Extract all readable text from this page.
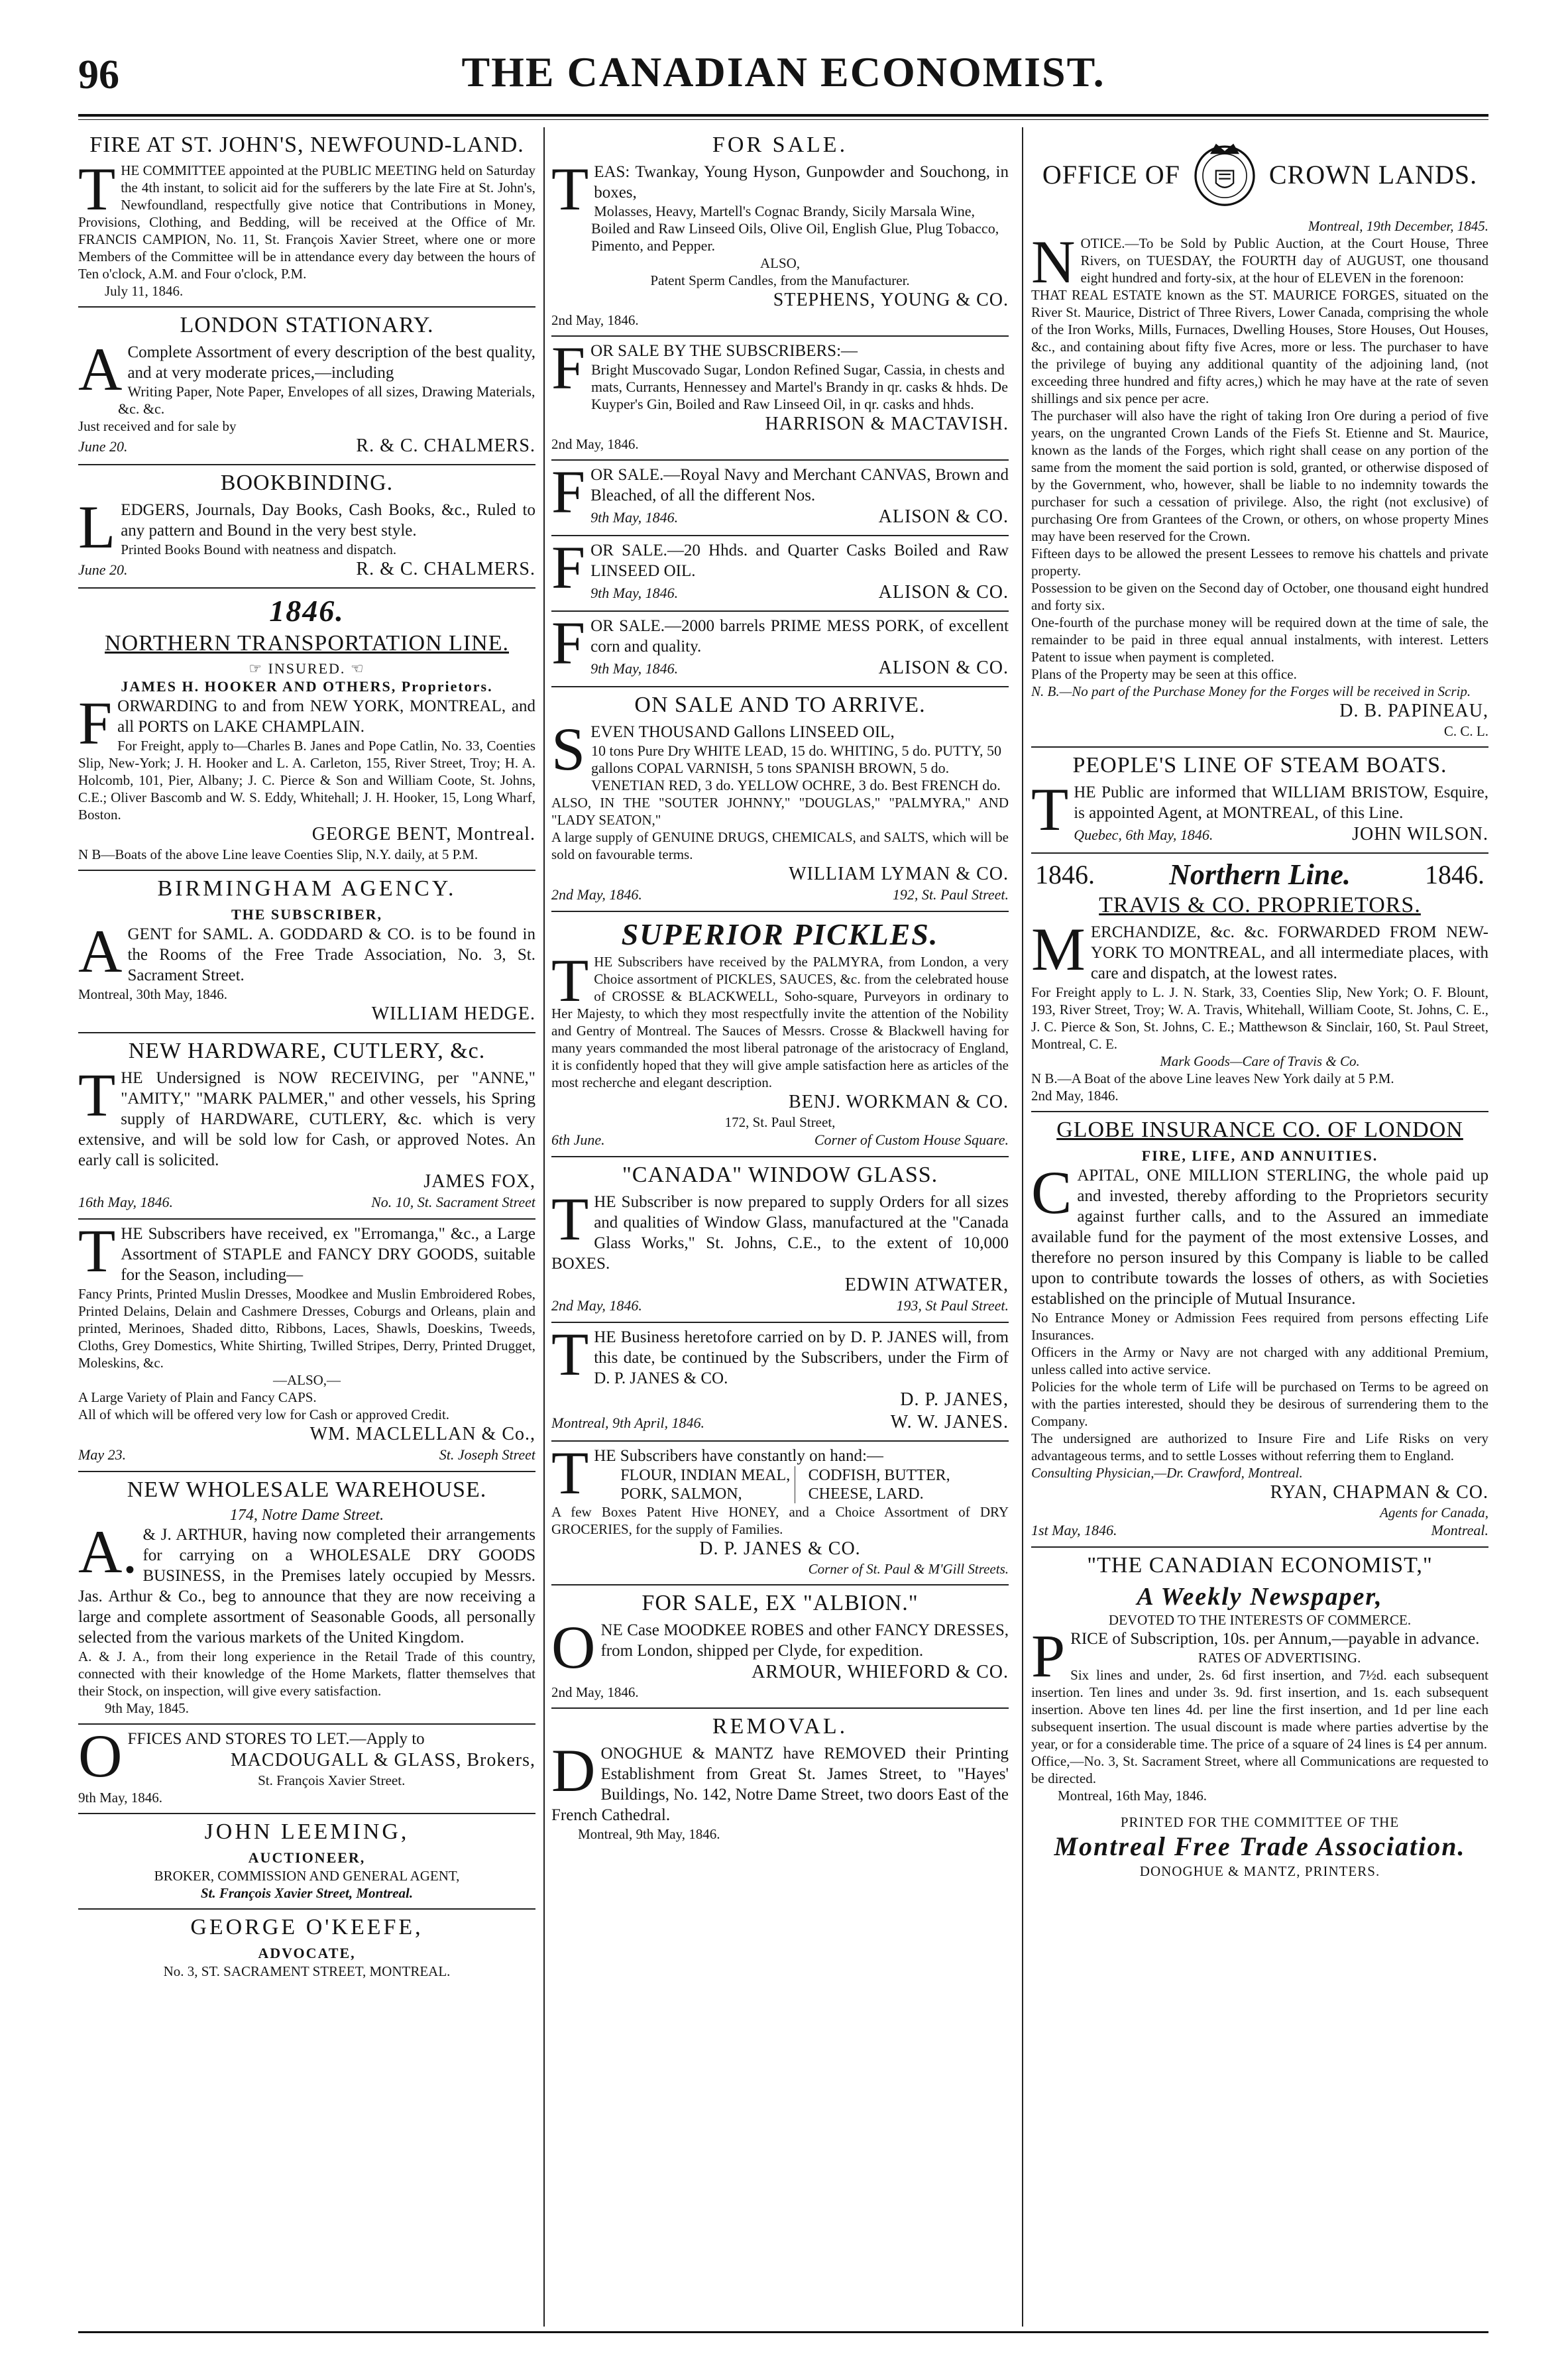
96	THE CANADIAN ECONOMIST.
FIRE AT ST. JOHN'S, NEWFOUND-LAND.
THE COMMITTEE appointed at the PUBLIC MEETING held on Saturday the 4th instant, to solicit aid for the sufferers by the late Fire at St. John's, Newfoundland, respectfully give notice that Contributions in Money, Provisions, Clothing, and Bedding, will be received at the Office of Mr. FRANCIS CAMPION, No. 11, St. François Xavier Street, where one or more Members of the Committee will be in attendance every day between the hours of Ten o'clock, A.M. and Four o'clock, P.M.
July 11, 1846.
LONDON STATIONARY.
AComplete Assortment of every description of the best quality, and at very moderate prices,—including
Writing Paper, Note Paper, Envelopes of all sizes, Drawing Materials, &c. &c.
Just received and for sale by
June 20.	R. & C. CHALMERS.
BOOKBINDING.
LEDGERS, Journals, Day Books, Cash Books, &c., Ruled to any pattern and Bound in the very best style.
Printed Books Bound with neatness and dispatch.
June 20.	R. & C. CHALMERS.
1846.
NORTHERN TRANSPORTATION LINE.
☞ INSURED. ☜
JAMES H. HOOKER AND OTHERS, Proprietors.
FORWARDING to and from NEW YORK, MONTREAL, and all PORTS on LAKE CHAMPLAIN.
For Freight, apply to—Charles B. Janes and Pope Catlin, No. 33, Coenties Slip, New-York; J. H. Hooker and L. A. Carleton, 155, River Street, Troy; H. A. Holcomb, 101, Pier, Albany; J. C. Pierce & Son and William Coote, St. Johns, C.E.; Oliver Bascomb and W. S. Eddy, Whitehall; J. H. Hooker, 15, Long Wharf, Boston.
GEORGE BENT, Montreal.
N B—Boats of the above Line leave Coenties Slip, N.Y. daily, at 5 P.M.
BIRMINGHAM AGENCY.
THE SUBSCRIBER,
AGENT for SAML. A. GODDARD & CO. is to be found in the Rooms of the Free Trade Association, No. 3, St. Sacrament Street.
Montreal, 30th May, 1846.
WILLIAM HEDGE.
NEW HARDWARE, CUTLERY, &c.
THE Undersigned is NOW RECEIVING, per "ANNE," "AMITY," "MARK PALMER," and other vessels, his Spring supply of HARDWARE, CUTLERY, &c. which is very extensive, and will be sold low for Cash, or approved Notes. An early call is solicited.
JAMES FOX,
16th May, 1846.	No. 10, St. Sacrament Street
THE Subscribers have received, ex "Erromanga," &c., a Large Assortment of STAPLE and FANCY DRY GOODS, suitable for the Season, including—
Fancy Prints, Printed Muslin Dresses, Moodkee and Muslin Embroidered Robes, Printed Delains, Delain and Cashmere Dresses, Coburgs and Orleans, plain and printed, Merinoes, Shaded ditto, Ribbons, Laces, Shawls, Doeskins, Tweeds, Cloths, Grey Domestics, White Shirting, Twilled Stripes, Derry, Printed Drugget, Moleskins, &c.
—ALSO,—
A Large Variety of Plain and Fancy CAPS.
All of which will be offered very low for Cash or approved Credit.
WM. MACLELLAN & Co.,
May 23.	St. Joseph Street
NEW WHOLESALE WAREHOUSE.
174, Notre Dame Street.
A.& J. ARTHUR, having now completed their arrangements for carrying on a WHOLESALE DRY GOODS BUSINESS, in the Premises lately occupied by Messrs. Jas. Arthur & Co., beg to announce that they are now receiving a large and complete assortment of Seasonable Goods, all personally selected from the various markets of the United Kingdom.
A. & J. A., from their long experience in the Retail Trade of this country, connected with their knowledge of the Home Markets, flatter themselves that their Stock, on inspection, will give every satisfaction.
9th May, 1845.
OFFICES AND STORES TO LET.—Apply to
MACDOUGALL & GLASS, Brokers,
St. François Xavier Street.
9th May, 1846.
JOHN LEEMING,
AUCTIONEER,
BROKER, COMMISSION AND GENERAL AGENT,
St. François Xavier Street, Montreal.
GEORGE O'KEEFE,
ADVOCATE,
No. 3, ST. SACRAMENT STREET, MONTREAL.
FOR SALE.
TEAS: Twankay, Young Hyson, Gunpowder and Souchong, in boxes,
Molasses, Heavy, Martell's Cognac Brandy, Sicily Marsala Wine, Boiled and Raw Linseed Oils, Olive Oil, English Glue, Plug Tobacco, Pimento, and Pepper.
ALSO,
Patent Sperm Candles, from the Manufacturer.
STEPHENS, YOUNG & CO.
2nd May, 1846.
FOR SALE BY THE SUBSCRIBERS:—
Bright Muscovado Sugar, London Refined Sugar, Cassia, in chests and mats, Currants, Hennessey and Martel's Brandy in qr. casks & hhds. De Kuyper's Gin, Boiled and Raw Linseed Oil, in qr. casks and hhds.
HARRISON & MACTAVISH.
2nd May, 1846.
FOR SALE.—Royal Navy and Merchant CANVAS, Brown and Bleached, of all the different Nos.
9th May, 1846.	ALISON & CO.
FOR SALE.—20 Hhds. and Quarter Casks Boiled and Raw LINSEED OIL.
9th May, 1846.	ALISON & CO.
FOR SALE.—2000 barrels PRIME MESS PORK, of excellent corn and quality.
9th May, 1846.	ALISON & CO.
ON SALE AND TO ARRIVE.
SEVEN THOUSAND Gallons LINSEED OIL,
10 tons Pure Dry WHITE LEAD, 15 do. WHITING, 5 do. PUTTY, 50 gallons COPAL VARNISH, 5 tons SPANISH BROWN, 5 do. VENETIAN RED, 3 do. YELLOW OCHRE, 3 do. Best FRENCH do.
ALSO, IN THE "SOUTER JOHNNY," "DOUGLAS," "PALMYRA," AND "LADY SEATON,"
A large supply of GENUINE DRUGS, CHEMICALS, and SALTS, which will be sold on favourable terms.
WILLIAM LYMAN & CO.
2nd May, 1846.	192, St. Paul Street.
SUPERIOR PICKLES.
THE Subscribers have received by the PALMYRA, from London, a very Choice assortment of PICKLES, SAUCES, &c. from the celebrated house of CROSSE & BLACKWELL, Soho-square, Purveyors in ordinary to Her Majesty, to which they most respectfully invite the attention of the Nobility and Gentry of Montreal. The Sauces of Messrs. Crosse & Blackwell having for many years commanded the most liberal patronage of the aristocracy of England, it is confidently hoped that they will give ample satisfaction here as articles of the most recherche and elegant description.
BENJ. WORKMAN & CO.
172, St. Paul Street,
6th June.	Corner of Custom House Square.
"CANADA" WINDOW GLASS.
THE Subscriber is now prepared to supply Orders for all sizes and qualities of Window Glass, manufactured at the "Canada Glass Works," St. Johns, C.E., to the extent of 10,000 BOXES.
EDWIN ATWATER,
2nd May, 1846.	193, St Paul Street.
THE Business heretofore carried on by D. P. JANES will, from this date, be continued by the Subscribers, under the Firm of D. P. JANES & CO.
D. P. JANES,
Montreal, 9th April, 1846.	W. W. JANES.
THE Subscribers have constantly on hand:—
FLOUR, INDIAN MEAL, PORK, SALMON,
CODFISH, BUTTER, CHEESE, LARD.
A few Boxes Patent Hive HONEY, and a Choice Assortment of DRY GROCERIES, for the supply of Families.
D. P. JANES & CO.
Corner of St. Paul & M'Gill Streets.
FOR SALE, EX "ALBION."
ONE Case MOODKEE ROBES and other FANCY DRESSES, from London, shipped per Clyde, for expedition.
ARMOUR, WHIEFORD & CO.
2nd May, 1846.
REMOVAL.
DONOGHUE & MANTZ have REMOVED their Printing Establishment from Great St. James Street, to "Hayes' Buildings, No. 142, Notre Dame Street, two doors East of the French Cathedral.
Montreal, 9th May, 1846.
OFFICE OF	CROWN LANDS.
Montreal, 19th December, 1845.
NOTICE.—To be Sold by Public Auction, at the Court House, Three Rivers, on TUESDAY, the FOURTH day of AUGUST, one thousand eight hundred and forty-six, at the hour of ELEVEN in the forenoon:
THAT REAL ESTATE known as the ST. MAURICE FORGES, situated on the River St. Maurice, District of Three Rivers, Lower Canada, comprising the whole of the Iron Works, Mills, Furnaces, Dwelling Houses, Store Houses, Out Houses, &c., and containing about fifty five Acres, more or less. The purchaser to have the privilege of buying any additional quantity of the adjoining land, (not exceeding three hundred and fifty acres,) which he may have at the rate of seven shillings and six pence per acre.
The purchaser will also have the right of taking Iron Ore during a period of five years, on the ungranted Crown Lands of the Fiefs St. Etienne and St. Maurice, known as the lands of the Forges, which right shall cease on any portion of the same from the moment the said portion is sold, granted, or otherwise disposed of by the Government, who, however, shall be liable to no indemnity towards the purchaser for such a cessation of privilege. Also, the right (not exclusive) of purchasing Ore from Grantees of the Crown, or others, on whose property Mines may have been reserved for the Crown.
Fifteen days to be allowed the present Lessees to remove his chattels and private property.
Possession to be given on the Second day of October, one thousand eight hundred and forty six.
One-fourth of the purchase money will be required down at the time of sale, the remainder to be paid in three equal annual instalments, with interest. Letters Patent to issue when payment is completed.
Plans of the Property may be seen at this office.
N. B.—No part of the Purchase Money for the Forges will be received in Scrip.
D. B. PAPINEAU,
C. C. L.
PEOPLE'S LINE OF STEAM BOATS.
THE Public are informed that WILLIAM BRISTOW, Esquire, is appointed Agent, at MONTREAL, of this Line.
Quebec, 6th May, 1846.	JOHN WILSON.
1846.	Northern Line.	1846.
TRAVIS & CO. PROPRIETORS.
MERCHANDIZE, &c. &c. FORWARDED FROM NEW-YORK TO MONTREAL, and all intermediate places, with care and dispatch, at the lowest rates.
For Freight apply to L. J. N. Stark, 33, Coenties Slip, New York; O. F. Blount, 193, River Street, Troy; W. A. Travis, Whitehall, William Coote, St. Johns, C. E., J. C. Pierce & Son, St. Johns, C. E.; Matthewson & Sinclair, 160, St. Paul Street, Montreal, C. E.
Mark Goods—Care of Travis & Co.
N B.—A Boat of the above Line leaves New York daily at 5 P.M.
2nd May, 1846.
GLOBE INSURANCE CO. OF LONDON
FIRE, LIFE, AND ANNUITIES.
CAPITAL, ONE MILLION STERLING, the whole paid up and invested, thereby affording to the Proprietors security against further calls, and to the Assured an immediate available fund for the payment of the most extensive Losses, and therefore no person insured by this Company is liable to be called upon to contribute towards the losses of others, as with Societies established on the principle of Mutual Insurance.
No Entrance Money or Admission Fees required from persons effecting Life Insurances.
Officers in the Army or Navy are not charged with any additional Premium, unless called into active service.
Policies for the whole term of Life will be purchased on Terms to be agreed on with the parties interested, should they be desirous of surrendering them to the Company.
The undersigned are authorized to Insure Fire and Life Risks on very advantageous terms, and to settle Losses without referring them to England.
Consulting Physician,—Dr. Crawford, Montreal.
RYAN, CHAPMAN & CO.
Agents for Canada,
1st May, 1846.	Montreal.
"THE CANADIAN ECONOMIST,"
A Weekly Newspaper,
DEVOTED TO THE INTERESTS OF COMMERCE.
PRICE of Subscription, 10s. per Annum,—payable in advance.
RATES OF ADVERTISING.
Six lines and under, 2s. 6d first insertion, and 7½d. each subsequent insertion. Ten lines and under 3s. 9d. first insertion, and 1s. each subsequent insertion. Above ten lines 4d. per line the first insertion, and 1d per line each subsequent insertion. The usual discount is made where parties advertise by the year, or for a considerable time. The price of a square of 24 lines is £4 per annum.
Office,—No. 3, St. Sacrament Street, where all Communications are requested to be directed.
Montreal, 16th May, 1846.
PRINTED FOR THE COMMITTEE OF THE
Montreal Free Trade Association.
DONOGHUE & MANTZ, PRINTERS.
